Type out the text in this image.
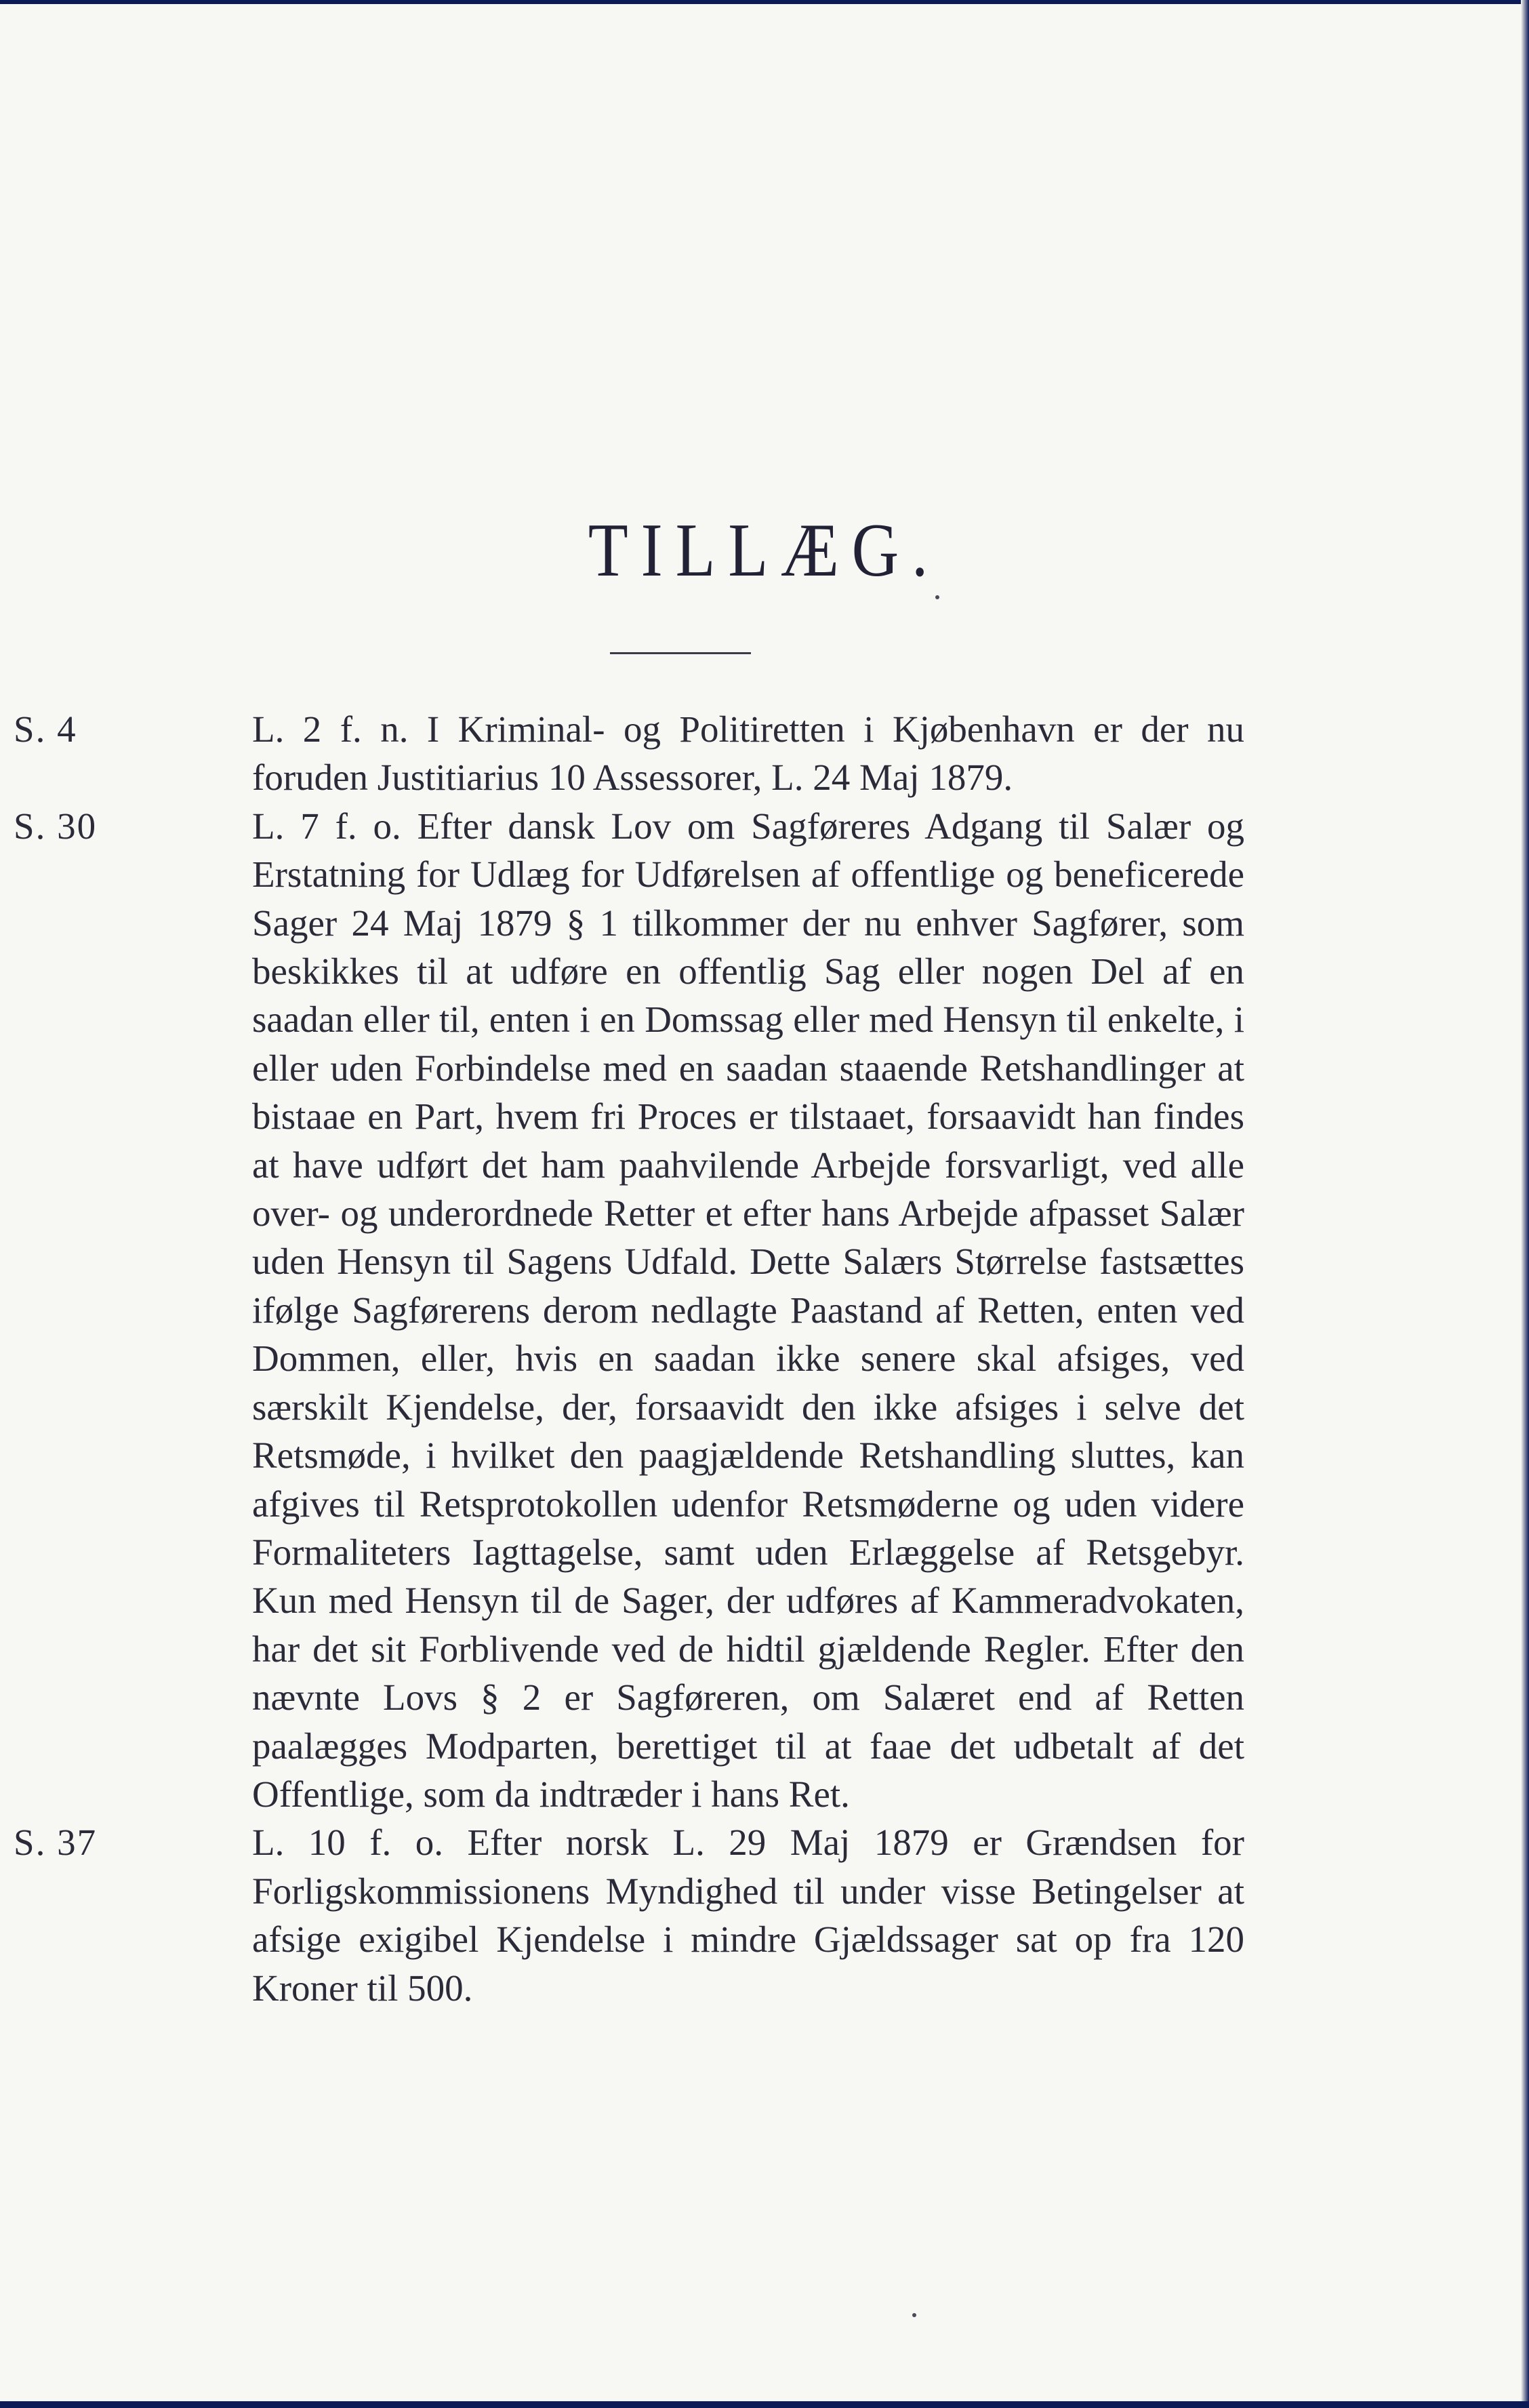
TILLÆG.

S. 4	L. 2 f. n. I Kriminal- og Politiretten i Kjøbenhavn er der nu foruden Justitiarius 10 Assessorer, L. 24 Maj 1879.

S. 30	L. 7 f. o. Efter dansk Lov om Sagføreres Adgang til Salær og Erstatning for Udlæg for Udførelsen af offentlige og beneficerede Sager 24 Maj 1879 § 1 tilkommer der nu enhver Sagfører, som beskikkes til at udføre en offentlig Sag eller nogen Del af en saadan eller til, enten i en Domssag eller med Hensyn til enkelte, i eller uden Forbindelse med en saadan staaende Retshandlinger at bistaae en Part, hvem fri Proces er tilstaaet, forsaavidt han findes at have udført det ham paahvilende Arbejde forsvarligt, ved alle over- og underordnede Retter et efter hans Arbejde afpasset Salær uden Hensyn til Sagens Udfald. Dette Salærs Størrelse fastsættes ifølge Sagførerens derom nedlagte Paastand af Retten, enten ved Dommen, eller, hvis en saadan ikke senere skal afsiges, ved særskilt Kjendelse, der, forsaavidt den ikke afsiges i selve det Retsmøde, i hvilket den paagjældende Retshandling sluttes, kan afgives til Retsprotokollen udenfor Retsmøderne og uden videre Formaliteters Iagttagelse, samt uden Erlæggelse af Retsgebyr. Kun med Hensyn til de Sager, der udføres af Kammeradvokaten, har det sit Forblivende ved de hidtil gjældende Regler. Efter den nævnte Lovs § 2 er Sagføreren, om Salæret end af Retten paalægges Modparten, berettiget til at faae det udbetalt af det Offentlige, som da indtræder i hans Ret.

S. 37	L. 10 f. o. Efter norsk L. 29 Maj 1879 er Grændsen for Forligskommissionens Myndighed til under visse Betingelser at afsige exigibel Kjendelse i mindre Gjældssager sat op fra 120 Kroner til 500.
